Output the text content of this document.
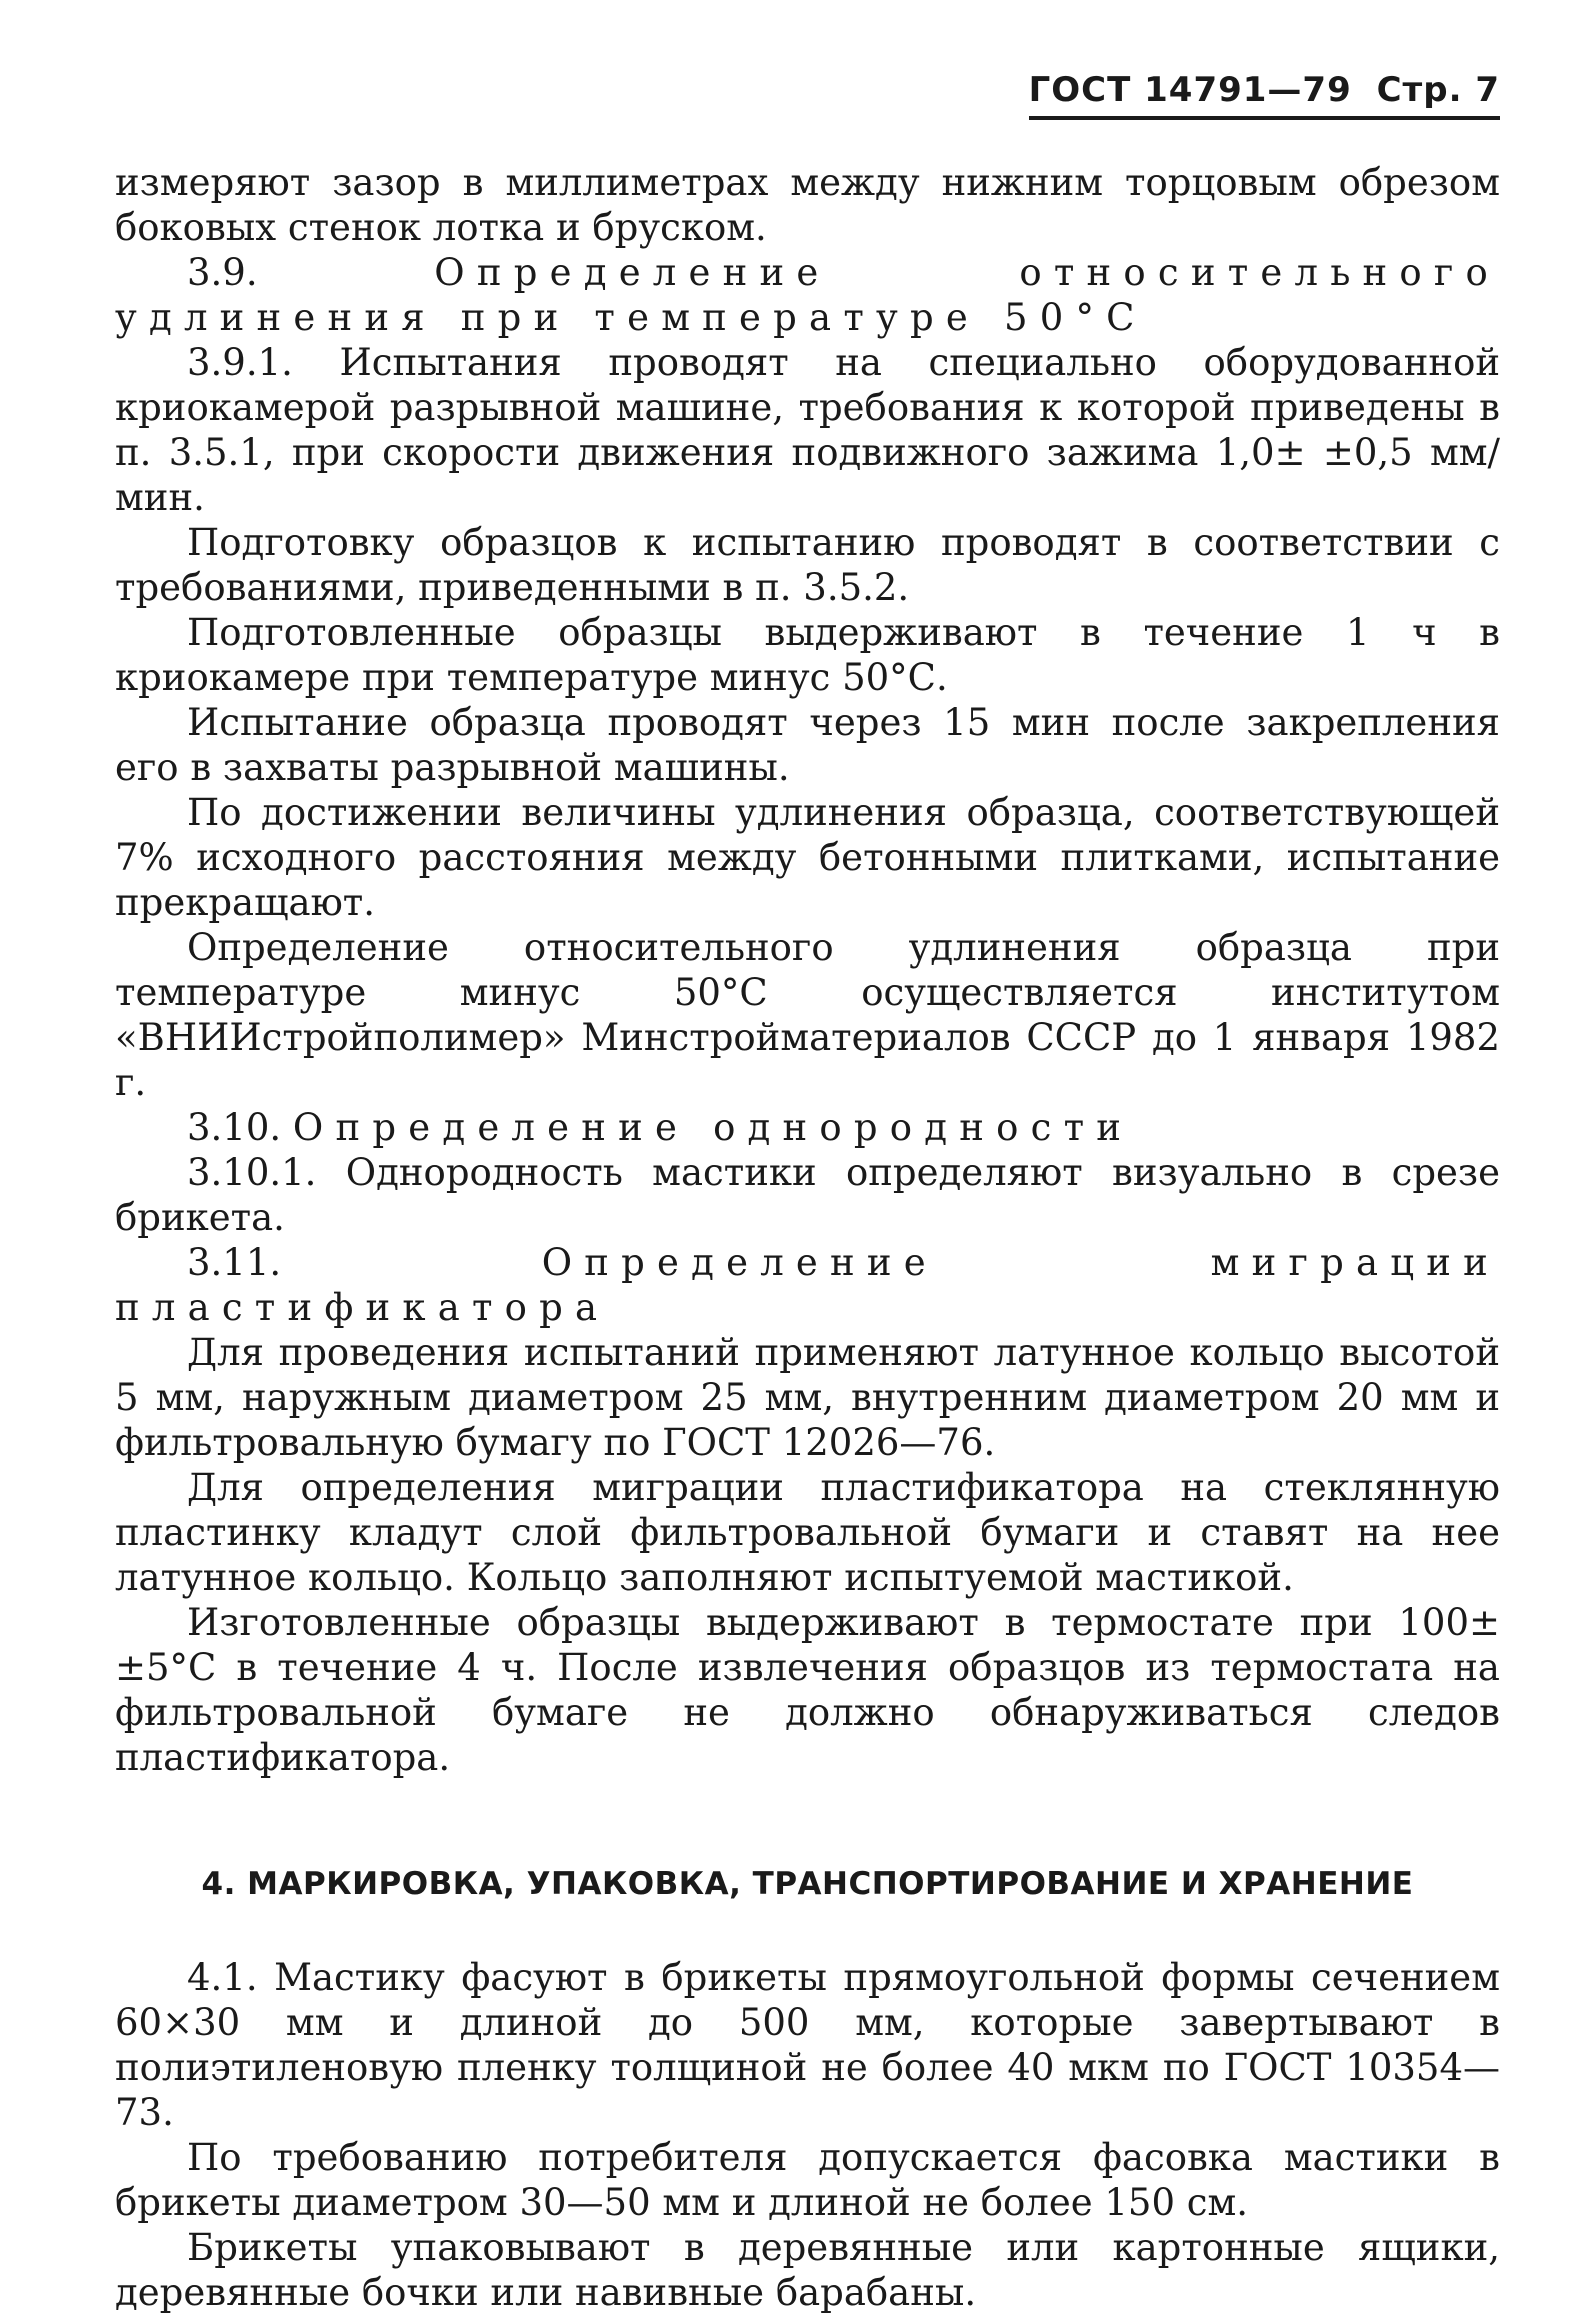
ГОСТ 14791—79 Стр. 7

измеряют зазор в миллиметрах между нижним торцовым обрезом боковых стенок лотка и бруском.

3.9.	Определение относительного удлинения при температуре 50°С

3.9.1. Испытания проводят на специально оборудованной криокамерой разрывной машине, требования к которой приведены в п. 3.5.1, при скорости движения подвижного зажима 1,0± ±0,5 мм/мин.

Подготовку образцов к испытанию проводят в соответствии с требованиями, приведенными в п. 3.5.2.

Подготовленные образцы выдерживают в течение 1 ч в криокамере при температуре минус 50°С.

Испытание образца проводят через 15 мин после закрепления его в захваты разрывной машины.

По достижении величины удлинения образца, соответствующей 7% исходного расстояния между бетонными плитками, испытание прекращают.

Определение относительного удлинения образца при температуре минус 50°С осуществляется институтом «ВНИИстройполимер» Минстройматериалов СССР до 1 января 1982 г.

3.10. Определение однородности

3.10.1. Однородность мастики определяют визуально в срезе брикета.

3.11.	Определение миграции пластификатора

Для проведения испытаний применяют латунное кольцо высотой 5 мм, наружным диаметром 25 мм, внутренним диаметром 20 мм и фильтровальную бумагу по ГОСТ 12026—76.

Для определения миграции пластификатора на стеклянную пластинку кладут слой фильтровальной бумаги и ставят на нее латунное кольцо. Кольцо заполняют испытуемой мастикой.

Изготовленные образцы выдерживают в термостате при 100± ±5°С в течение 4 ч. После извлечения образцов из термостата на фильтровальной бумаге не должно обнаруживаться следов пластификатора.

4. МАРКИРОВКА, УПАКОВКА, ТРАНСПОРТИРОВАНИЕ И ХРАНЕНИЕ

4.1. Мастику фасуют в брикеты прямоугольной формы сечением 60×30 мм и длиной до 500 мм, которые завертывают в полиэтиленовую пленку толщиной не более 40 мкм по ГОСТ 10354—73.

По требованию потребителя допускается фасовка мастики в брикеты диаметром 30—50 мм и длиной не более 150 см.

Брикеты упаковывают в деревянные или картонные ящики, деревянные бочки или навивные барабаны.
